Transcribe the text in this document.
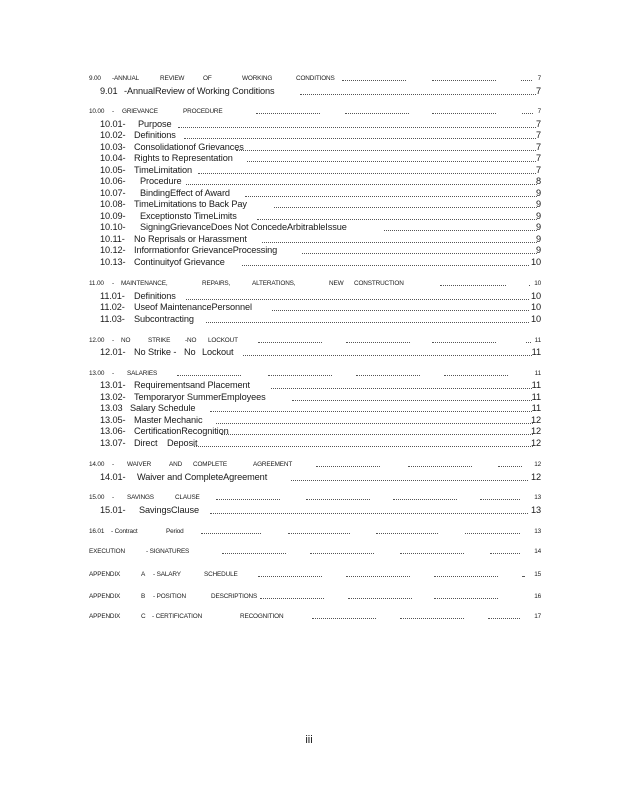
9.00 -ANNUAL	REVIEW	OF	WORKING	CONDITIONS	7
9.01 -AnnualReview of Working Conditions	7
10.00 - GRIEVANCE	PROCEDURE	7
10.01- Purpose	7
10.02- Definitions	7
10.03- Consolidationof Grievances	7
10.04- Rights to Representation	7
10.05- TimeLimitation	7
10.06- Procedure	8
10.07- BindingEffect of Award	9
10.08- TimeLimitations to Back Pay	9
10.09- Exceptionsto TimeLimits	9
10.10- SigningGrievanceDoes Not ConcedeArbitrableIssue	9
10.11- No Reprisals or Harassment	9
10.12- Informationfor GrievanceProcessing	9
10.13- Continuityof Grievance	10
11.00 - MAINTENANCE,	REPAIRS,	ALTERATIONS,	NEW CONSTRUCTION	10
11.01- Definitions	10
11.02- Useof MaintenancePersonnel	10
11.03- Subcontracting	10
12.00 - NO	STRIKE -NO LOCKOUT	11
12.01- No Strike - No Lockout	11
13.00 - SALARIES	11
13.01- Requirementsand Placement	11
13.02- Temporaryor SummerEmployees	11
13.03 Salary Schedule	11
13.05- Master Mechanic	12
13.06- CertificationRecognition	12
13.07- Direct Deposit	12
14.00 - WAIVER	AND COMPLETE	AGREEMENT	12
14.01- Waiver and CompleteAgreement	12
15.00 - SAVINGS	CLAUSE	13
15.01- SavingsClause	13
16.01 - Contract	Period	13
EXECUTION	- SIGNATURES	14
APPENDIX	A - SALARY	SCHEDULE	15
APPENDIX	B - POSITION	DESCRIPTIONS	16
APPENDIX	C - CERTIFICATION	RECOGNITION	17
iii
